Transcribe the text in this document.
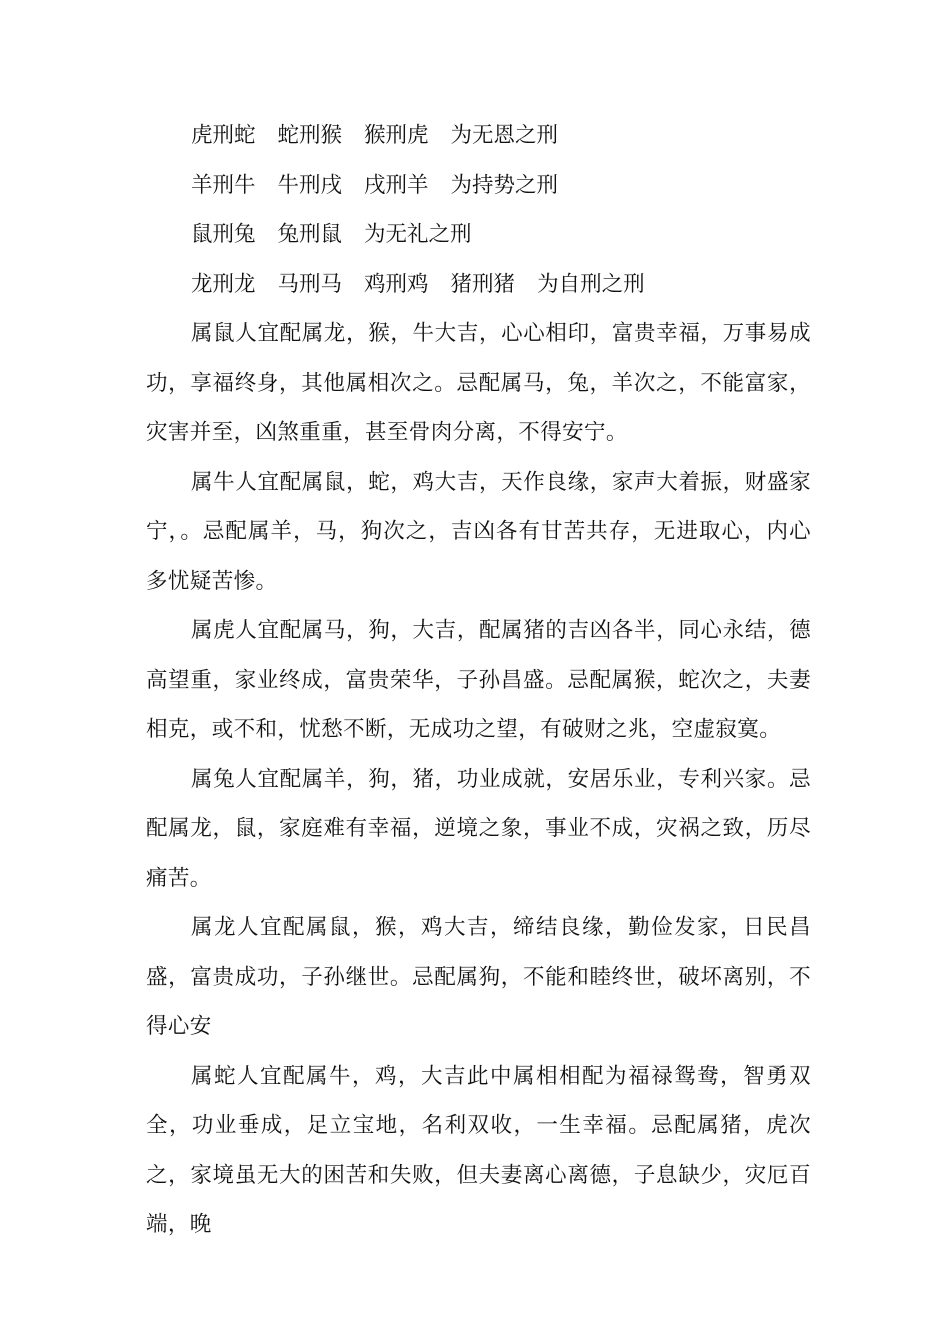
虎刑蛇 蛇刑猴 猴刑虎 为无恩之刑
羊刑牛 牛刑戌 戌刑羊 为持势之刑
鼠刑兔 兔刑鼠 为无礼之刑
龙刑龙 马刑马 鸡刑鸡 猪刑猪 为自刑之刑

属鼠人宜配属龙，猴，牛大吉，心心相印，富贵幸福，万事易成功，享福终身，其他属相次之。忌配属马，兔，羊次之，不能富家，灾害并至，凶煞重重，甚至骨肉分离，不得安宁。

属牛人宜配属鼠，蛇，鸡大吉，天作良缘，家声大着振，财盛家宁，。忌配属羊，马，狗次之，吉凶各有甘苦共存，无进取心，内心多忧疑苦惨。

属虎人宜配属马，狗，大吉，配属猪的吉凶各半，同心永结，德高望重，家业终成，富贵荣华，子孙昌盛。忌配属猴，蛇次之，夫妻相克，或不和，忧愁不断，无成功之望，有破财之兆，空虚寂寞。

属兔人宜配属羊，狗，猪，功业成就，安居乐业，专利兴家。忌配属龙，鼠，家庭难有幸福，逆境之象，事业不成，灾祸之致，历尽痛苦。

属龙人宜配属鼠，猴，鸡大吉，缔结良缘，勤俭发家，日民昌盛，富贵成功，子孙继世。忌配属狗，不能和睦终世，破坏离别，不得心安

属蛇人宜配属牛，鸡，大吉此中属相相配为福禄鸳鸯，智勇双全，功业垂成，足立宝地，名利双收，一生幸福。忌配属猪，虎次之，家境虽无大的困苦和失败，但夫妻离心离德，子息缺少，灾厄百端，晚
